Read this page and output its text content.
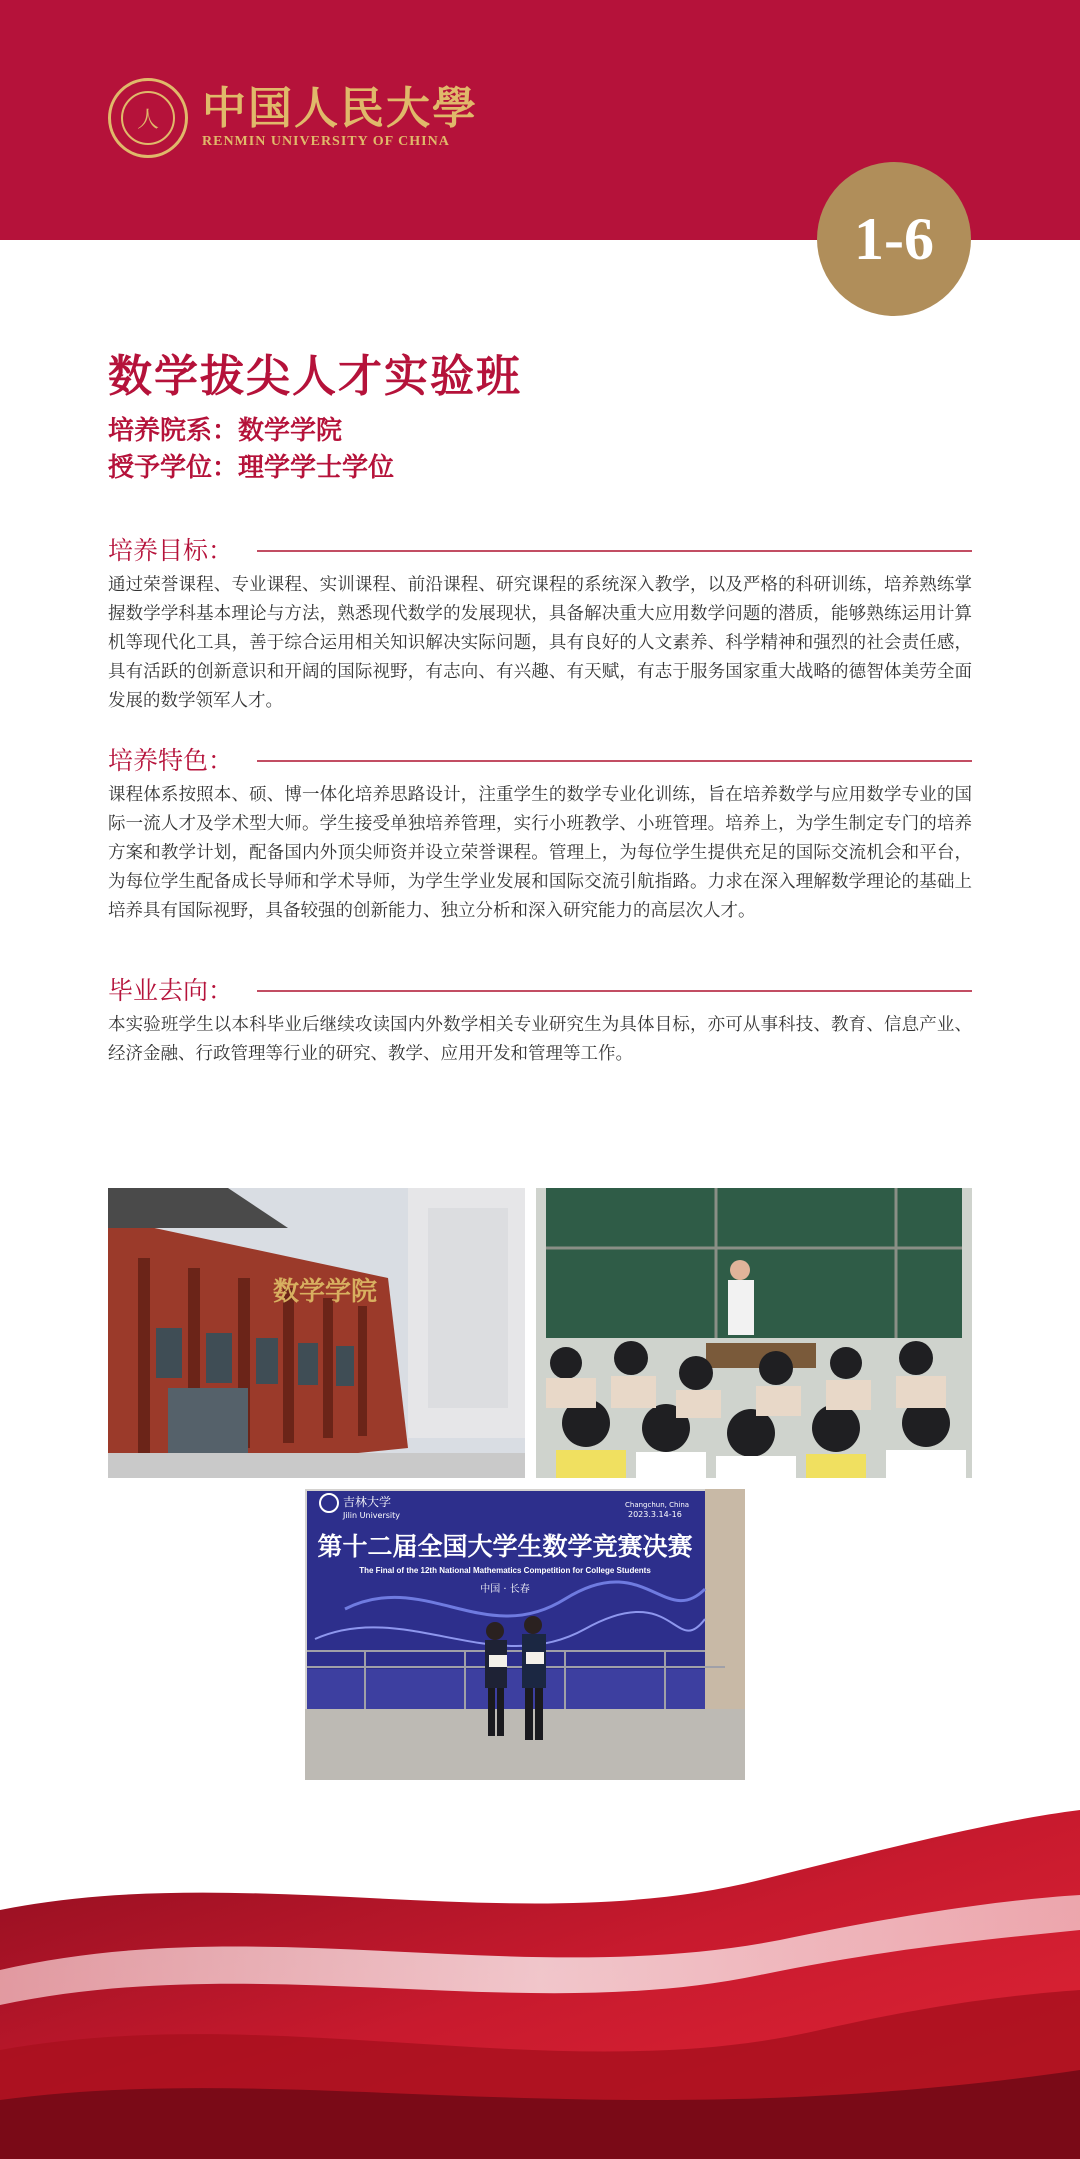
人 中国人民大學
RENMIN UNIVERSITY OF CHINA
1-6
数学拔尖人才实验班
培养院系：数学学院
授予学位：理学学士学位
培养目标：
通过荣誉课程、专业课程、实训课程、前沿课程、研究课程的系统深入教学，以及严格的科研训练，培养熟练掌握数学学科基本理论与方法，熟悉现代数学的发展现状，具备解决重大应用数学问题的潜质，能够熟练运用计算机等现代化工具，善于综合运用相关知识解决实际问题，具有良好的人文素养、科学精神和强烈的社会责任感，具有活跃的创新意识和开阔的国际视野，有志向、有兴趣、有天赋，有志于服务国家重大战略的德智体美劳全面发展的数学领军人才。
培养特色：
课程体系按照本、硕、博一体化培养思路设计，注重学生的数学专业化训练，旨在培养数学与应用数学专业的国际一流人才及学术型大师。学生接受单独培养管理，实行小班教学、小班管理。培养上，为学生制定专门的培养方案和教学计划，配备国内外顶尖师资并设立荣誉课程。管理上，为每位学生提供充足的国际交流机会和平台，为每位学生配备成长导师和学术导师，为学生学业发展和国际交流引航指路。力求在深入理解数学理论的基础上培养具有国际视野，具备较强的创新能力、独立分析和深入研究能力的高层次人才。
毕业去向：
本实验班学生以本科毕业后继续攻读国内外数学相关专业研究生为具体目标，亦可从事科技、教育、信息产业、经济金融、行政管理等行业的研究、教学、应用开发和管理等工作。
数学学院
吉林大学
Jilin University
Changchun, China
2023.3.14-16
第十二届全国大学生数学竞赛决赛
The Final of the 12th National Mathematics Competition for College Students
中国 · 长春
